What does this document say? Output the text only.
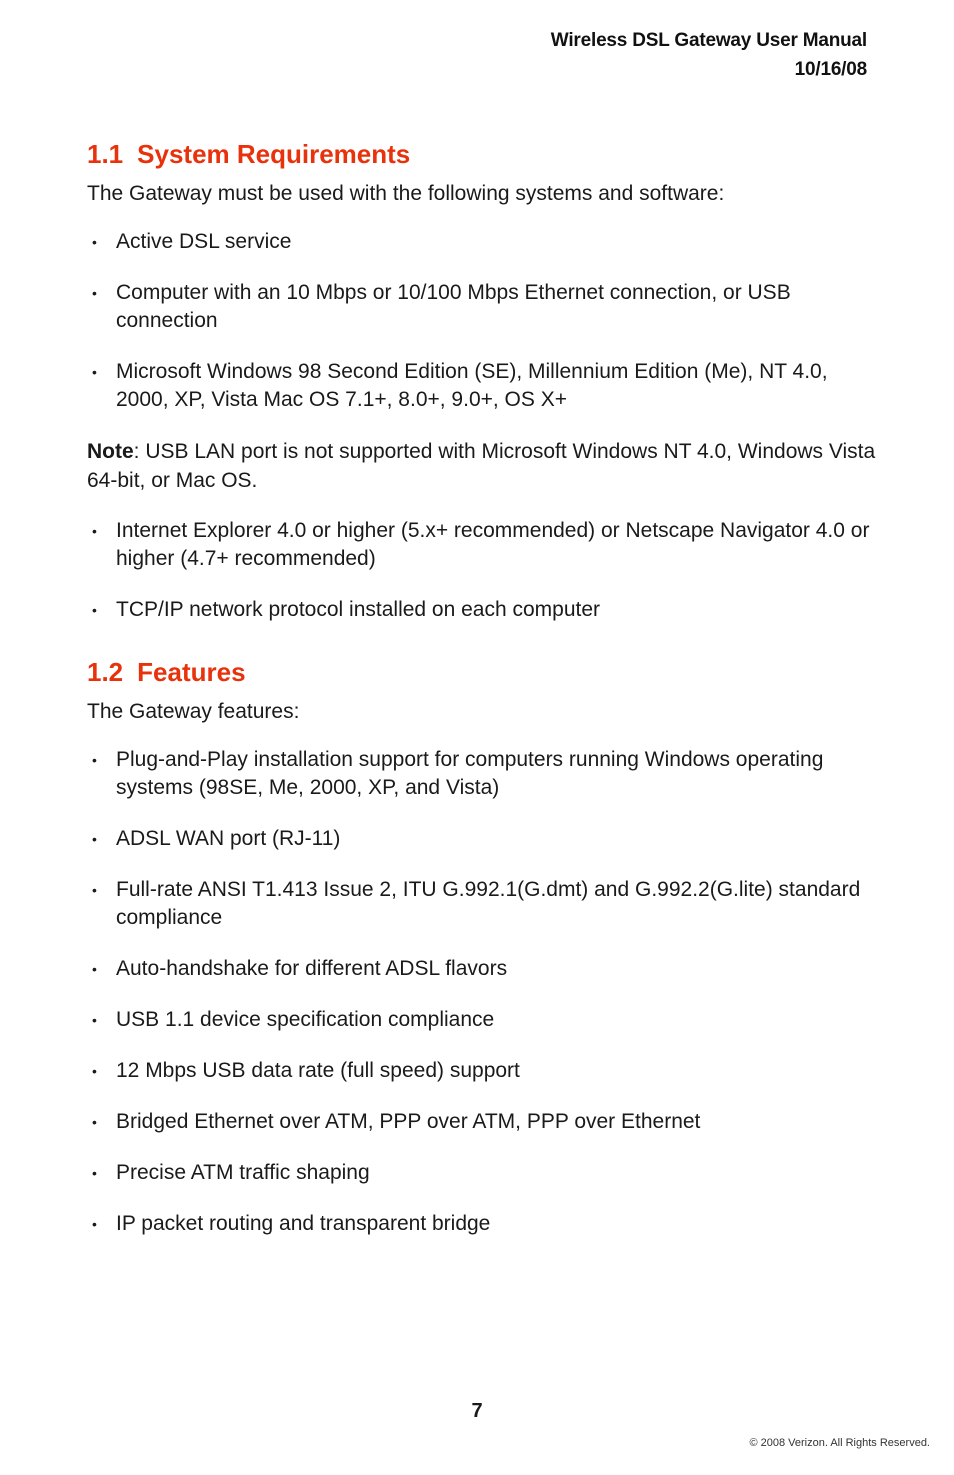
Wireless DSL Gateway User Manual
10/16/08
1.1 System Requirements

The Gateway must be used with the following systems and software:

• Active DSL service
• Computer with an 10 Mbps or 10/100 Mbps Ethernet connection, or USB connection
• Microsoft Windows 98 Second Edition (SE), Millennium Edition (Me), NT 4.0, 2000, XP, Vista Mac OS 7.1+, 8.0+, 9.0+, OS X+

Note: USB LAN port is not supported with Microsoft Windows NT 4.0, Windows Vista 64-bit, or Mac OS.

• Internet Explorer 4.0 or higher (5.x+ recommended) or Netscape Navigator 4.0 or higher (4.7+ recommended)
• TCP/IP network protocol installed on each computer
1.2 Features

The Gateway features:

• Plug-and-Play installation support for computers running Windows operating systems (98SE, Me, 2000, XP, and Vista)
• ADSL WAN port (RJ-11)
• Full-rate ANSI T1.413 Issue 2, ITU G.992.1(G.dmt) and G.992.2(G.lite) standard compliance
• Auto-handshake for different ADSL flavors
• USB 1.1 device specification compliance
• 12 Mbps USB data rate (full speed) support
• Bridged Ethernet over ATM, PPP over ATM, PPP over Ethernet
• Precise ATM traffic shaping
• IP packet routing and transparent bridge
7
© 2008 Verizon. All Rights Reserved.
